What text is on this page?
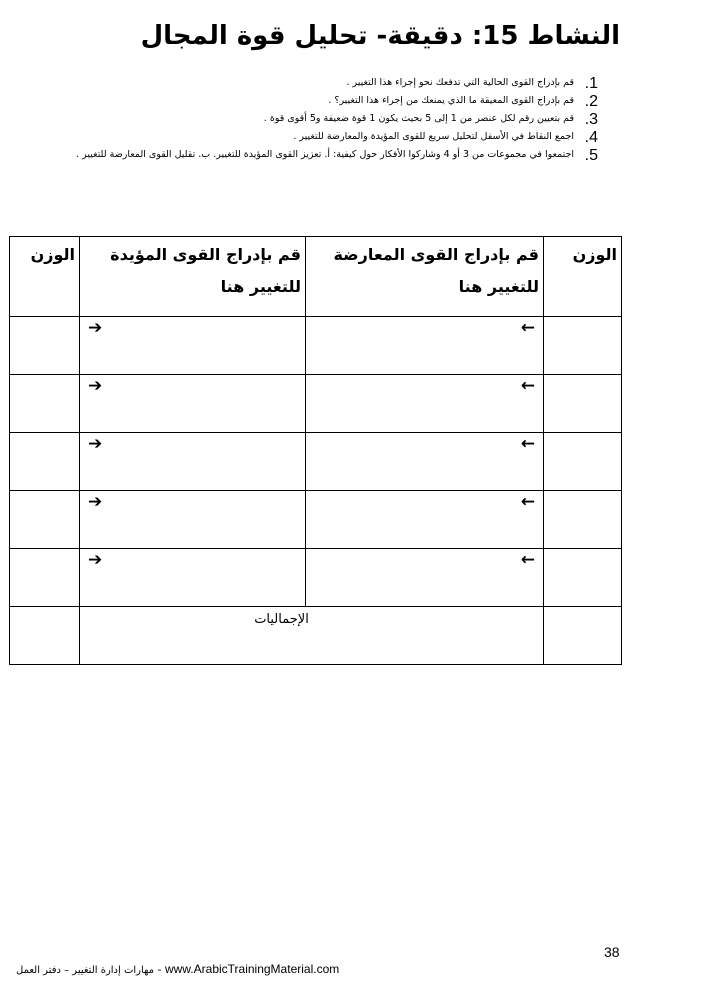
النشاط 15: دقيقة- تحليل قوة المجال
1.
قم بإدراج القوى الحالية التي تدفعك نحو إجراء هذا التغيير .
2.
قم بإدراج القوى المعيقة ما الذي يمنعك من إجراء هذا التغيير؟ .
3.
قم بتعيين رقم لكل عنصر من 1 إلى 5 بحيث يكون 1 قوة ضعيفة و5 أقوى قوة .
4.
اجمع النقاط في الأسفل لتحليل سريع للقوى المؤيدة والمعارضة للتغيير .
5.
اجتمعوا في مجموعات من 3 أو 4 وشاركوا الأفكار حول كيفية: أ. تعزيز القوى المؤيدة للتغيير. ب. تقليل القوى المعارضة للتغيير .
الوزن	قم بإدراج القوى المعارضة للتغيير هنا	قم بإدراج القوى المؤيدة للتغيير هنا	الوزن

	←	➔	

	←	➔	

	←	➔	

	←	➔	

	←	➔	

	الإجماليات		

38
مهارات إدارة التغيير – دفتر العمل - www.ArabicTrainingMaterial.com
